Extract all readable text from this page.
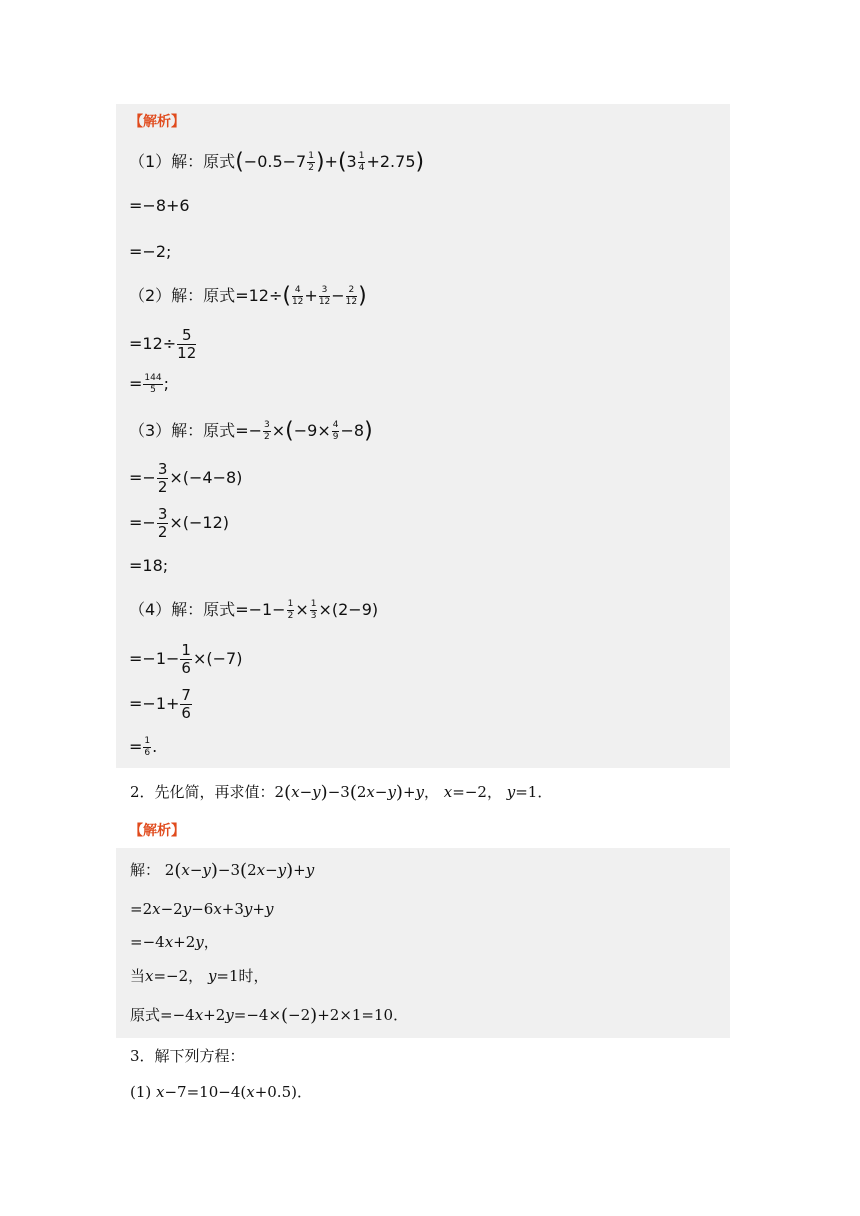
【解析】
（1）解：原式$(-0.5-7 \frac{1}{2} )+(3 \frac{1}{4} +2.75)$
=−8+6
=−2;
（2）解：原式$=12\div( \frac{4}{12} + \frac{3}{12} - \frac{2}{12}$ )
$=12\div \frac{5}{12}$
= $\frac{144}{5}$ ;
（3）解：原式=− $\frac{3}{2} \times(-9\times \frac{4}{9} -8)$
=− $\frac{3}{2} \times(-4-8)$
=− $\frac{3}{2} \times(-12)$
=18;
（4）解：原式$=-1- \frac{1}{2} \times \frac{1}{3} \times(2-9)$
$=-1- \frac{1}{6} \times(-7)$
$=-1+ \frac{7}{6}$
= $\frac{1}{6}$ .
2．先化简，再求值：2(x−y)−3(2x−y)+y， x=−2， y=1．
【解析】
解： 2(x−y)−3(2x−y)+y
=2x−2y−6x+3y+y
=−4x+2y，
当x=−2， y=1时，
原式=−4x+2y=−4×(−2)+2×1=10．
3．解下列方程：
(1) x−7=10−4(x+0.5)．
